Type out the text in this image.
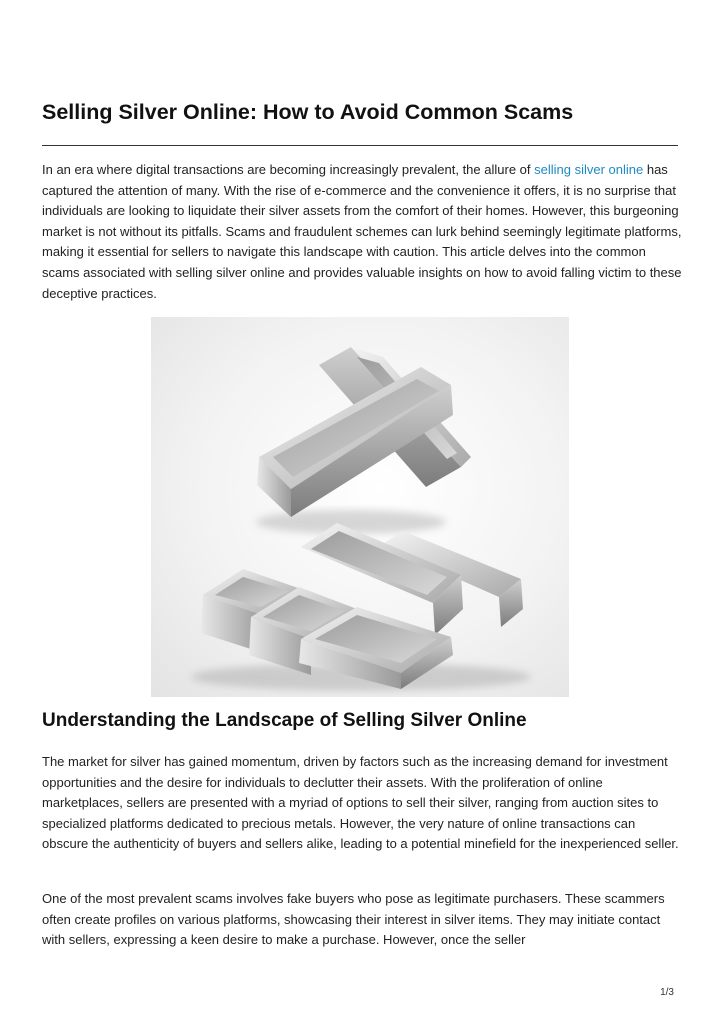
Selling Silver Online: How to Avoid Common Scams

In an era where digital transactions are becoming increasingly prevalent, the allure of selling silver online has captured the attention of many. With the rise of e-commerce and the convenience it offers, it is no surprise that individuals are looking to liquidate their silver assets from the comfort of their homes. However, this burgeoning market is not without its pitfalls. Scams and fraudulent schemes can lurk behind seemingly legitimate platforms, making it essential for sellers to navigate this landscape with caution. This article delves into the common scams associated with selling silver online and provides valuable insights on how to avoid falling victim to these deceptive practices.

Understanding the Landscape of Selling Silver Online

The market for silver has gained momentum, driven by factors such as the increasing demand for investment opportunities and the desire for individuals to declutter their assets. With the proliferation of online marketplaces, sellers are presented with a myriad of options to sell their silver, ranging from auction sites to specialized platforms dedicated to precious metals. However, the very nature of online transactions can obscure the authenticity of buyers and sellers alike, leading to a potential minefield for the inexperienced seller.

One of the most prevalent scams involves fake buyers who pose as legitimate purchasers. These scammers often create profiles on various platforms, showcasing their interest in silver items. They may initiate contact with sellers, expressing a keen desire to make a purchase. However, once the seller

1/3
